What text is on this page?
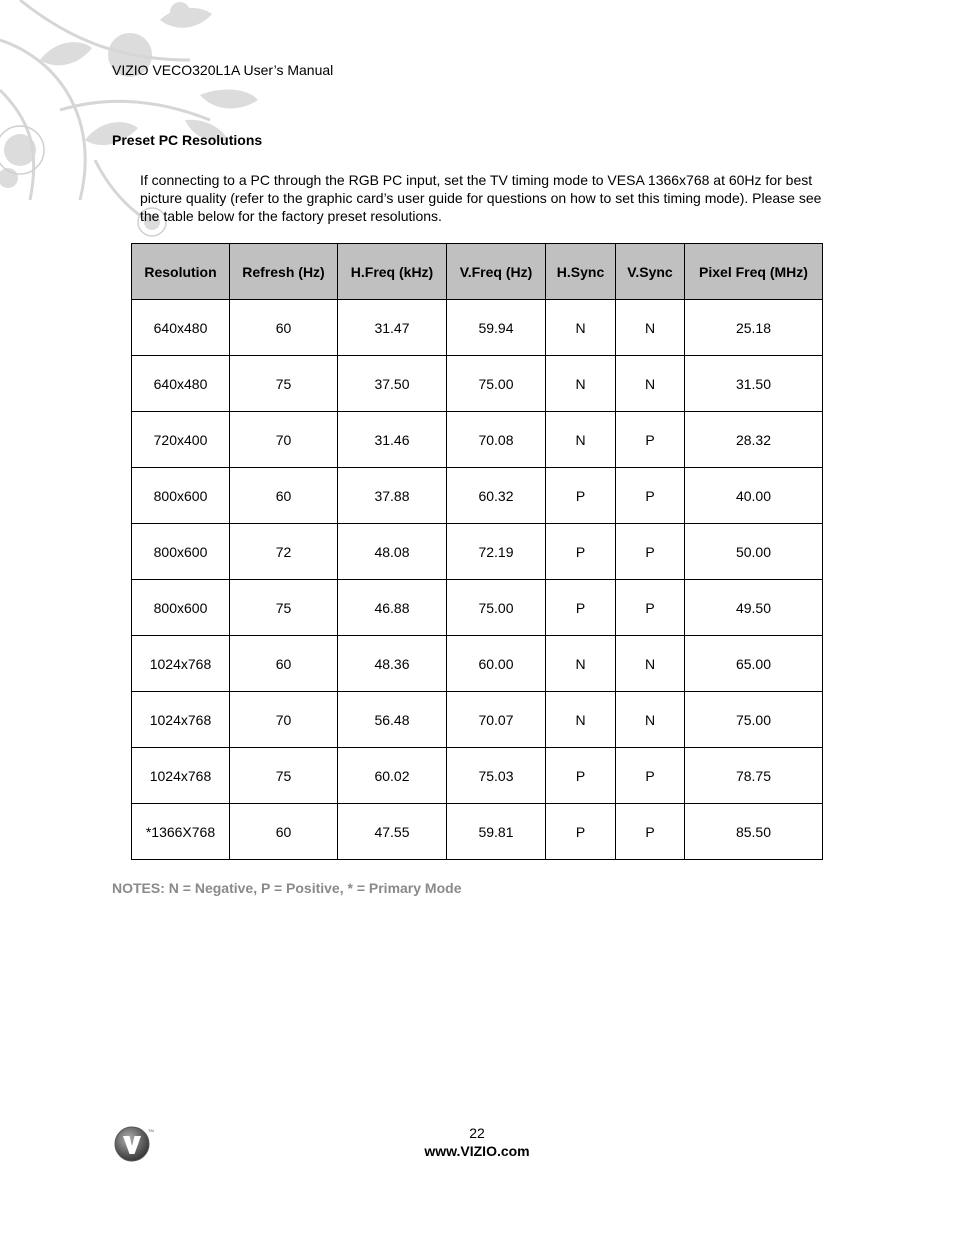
VIZIO VECO320L1A User’s Manual
Preset PC Resolutions

If connecting to a PC through the RGB PC input, set the TV timing mode to VESA 1366x768 at 60Hz for best picture quality (refer to the graphic card’s user guide for questions on how to set this timing mode). Please see the table below for the factory preset resolutions.

Resolution	Refresh (Hz)	H.Freq (kHz)	V.Freq (Hz)	H.Sync	V.Sync	Pixel Freq (MHz)
640x480	60	31.47	59.94	N	N	25.18
640x480	75	37.50	75.00	N	N	31.50
720x400	70	31.46	70.08	N	P	28.32
800x600	60	37.88	60.32	P	P	40.00
800x600	72	48.08	72.19	P	P	50.00
800x600	75	46.88	75.00	P	P	49.50
1024x768	60	48.36	60.00	N	N	65.00
1024x768	70	56.48	70.07	N	N	75.00
1024x768	75	60.02	75.03	P	P	78.75
*1366X768	60	47.55	59.81	P	P	85.50
NOTES: N = Negative, P = Positive, * = Primary Mode
TM	22
www.VIZIO.com
